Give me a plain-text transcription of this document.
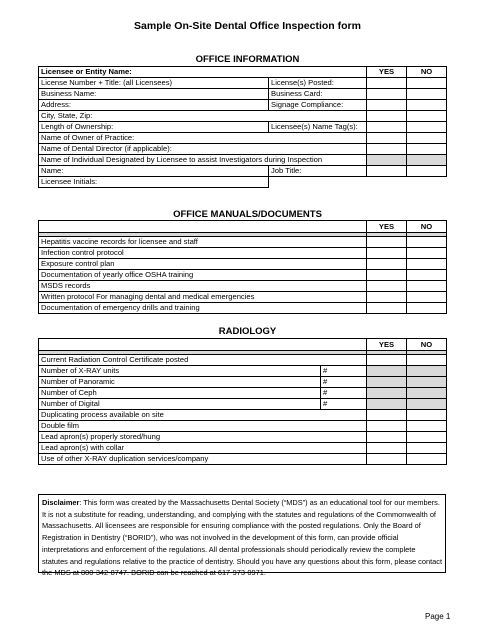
Sample On-Site Dental Office Inspection form
OFFICE INFORMATION
Licensee or Entity Name:		YES	NO
License Number + Title: (all Licensees)	License(s) Posted:		
Business Name:	Business Card:		
Address:	Signage Compliance:		
City, State, Zip:			
Length of Ownership:	Licensee(s) Name Tag(s):		
Name of Owner of Practice:			
Name of Dental Director (if applicable):			
Name of Individual Designated by Licensee to assist Investigators during Inspection			
Name:	Job Title:		
Licensee Initials:			
OFFICE MANUALS/DOCUMENTS
	YES	NO

Hepatitis vaccine records for licensee and staff		
Infection control protocol		
Exposure control plan		
Documentation of yearly office OSHA training		
MSDS records		
Written protocol For managing dental and medical emergencies		
Documentation of emergency drills and training		
RADIOLOGY
		YES	NO

Current Radiation Control Certificate posted			
Number of X-RAY units	#		
Number of Panoramic	#		
Number of Ceph	#		
Number of Digital	#		
Duplicating process available on site			
Double film			
Lead apron(s) properly stored/hung			
Lead apron(s) with collar			
Use of other X-RAY duplication services/company			
Disclaimer: This form was created by the Massachusetts Dental Society (“MDS”) as an educational tool for our members. It is not a substitute for reading, understanding, and complying with the statutes and regulations of the Commonwealth of Massachusetts. All licensees are responsible for ensuring compliance with the posted regulations. Only the Board of Registration in Dentistry (“BORID”), who was not involved in the development of this form, can provide official interpretations and enforcement of the regulations. All dental professionals should periodically review the complete statutes and regulations relative to the practice of dentistry. Should you have any questions about this form, please contact the MDS at 800-342-8747. BORID can be reached at 617-973-0971.
Page 1
